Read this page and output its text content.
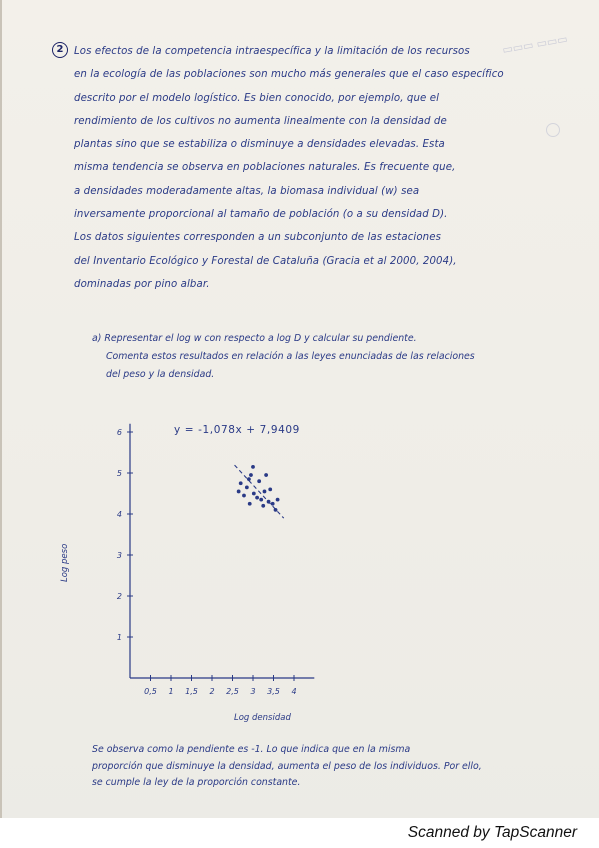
▭▭▭ ▭▭▭
2	Los efectos de la competencia intraespecífica y la limitación de los recursos
en la ecología de las poblaciones son mucho más generales que el caso específico
descrito por el modelo logístico. Es bien conocido, por ejemplo, que el
rendimiento de los cultivos no aumenta linealmente con la densidad de
plantas sino que se estabiliza o disminuye a densidades elevadas. Esta
misma tendencia se observa en poblaciones naturales. Es frecuente que,
a densidades moderadamente altas, la biomasa individual (w) sea
inversamente proporcional al tamaño de población (o a su densidad D).
Los datos siguientes corresponden a un subconjunto de las estaciones
del Inventario Ecológico y Forestal de Cataluña (Gracia et al 2000, 2004),
dominadas por pino albar.
a) Representar el log w con respecto a log D y calcular su pendiente.
Comenta estos resultados en relación a las leyes enunciadas de las relaciones
del peso y la densidad.
0,5 1 1,5 2 2,5 3 3,5 4
1
2
3
4
5
6	y = -1,078x + 7,9409
Log peso
Log densidad
Se observa como la pendiente es -1. Lo que indica que en la misma
proporción que disminuye la densidad, aumenta el peso de los individuos. Por ello,
se cumple la ley de la proporción constante.
Scanned by TapScanner
